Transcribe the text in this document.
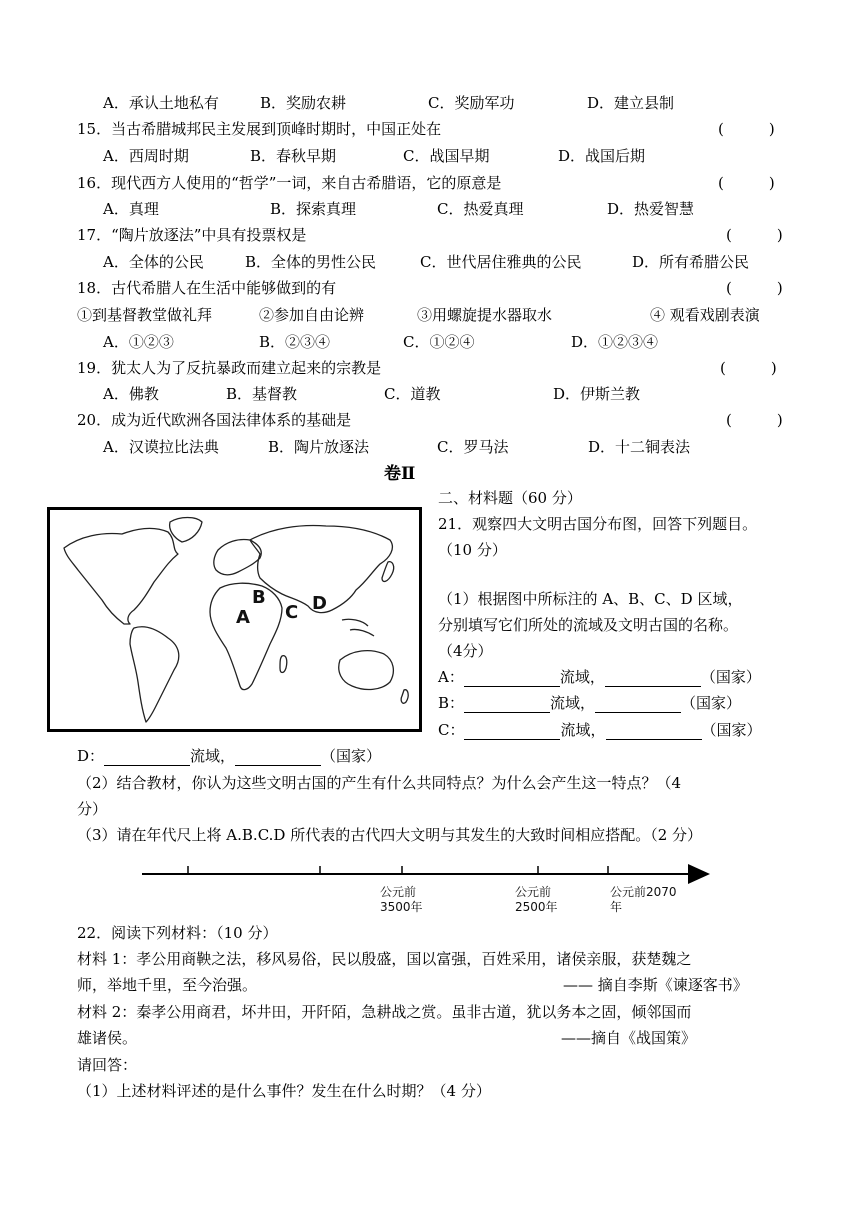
A．承认土地私有	B．奖励农耕	C．奖励军功	D．建立县制
15．当古希腊城邦民主发展到顶峰时期时，中国正处在	(　　　)
A．西周时期	B．春秋早期	C．战国早期	D．战国后期
16．现代西方人使用的“哲学”一词，来自古希腊语，它的原意是	(　　　)
A．真理	B．探索真理	C．热爱真理	D．热爱智慧
17．“陶片放逐法”中具有投票权是	(　　　)
A．全体的公民	B．全体的男性公民	C．世代居住雅典的公民	D．所有希腊公民
18．古代希腊人在生活中能够做到的有	(　　　)
①到基督教堂做礼拜	②参加自由论辨	③用螺旋提水器取水	④ 观看戏剧表演
A．①②③	B．②③④	C．①②④	D．①②③④
19．犹太人为了反抗暴政而建立起来的宗教是	(　　　)
A．佛教	B．基督教	C．道教	D．伊斯兰教
20．成为近代欧洲各国法律体系的基础是	(　　　)
A．汉谟拉比法典	B．陶片放逐法	C．罗马法	D．十二铜表法
卷Ⅱ
A
B
C D
二、材料题（60 分）
21．观察四大文明古国分布图，回答下列题目。
（10 分）
（1）根据图中所标注的 A、B、C、D 区域，
分别填写它们所处的流域及文明古国的名称。
（4分）
A：	流域，	（国家）
B：	流域，	（国家）
C：	流域，	（国家）
D：	流域，	（国家）
（2）结合教材，你认为这些文明古国的产生有什么共同特点？为什么会产生这一特点？（4
分）
（3）请在年代尺上将 A.B.C.D 所代表的古代四大文明与其发生的大致时间相应搭配。（2 分）
公元前
3500年
公元前
2500年
公元前2070
年
22．阅读下列材料：（10 分）
材料 1：孝公用商鞅之法，移风易俗，民以殷盛，国以富强，百姓采用，诸侯亲服，获楚魏之
师，举地千里，至今治强。	—— 摘自李斯《谏逐客书》
材料 2：秦孝公用商君，坏井田，开阡陌，急耕战之赏。虽非古道，犹以务本之固，倾邻国而
雄诸侯。	——摘自《战国策》
请回答：
（1）上述材料评述的是什么事件？发生在什么时期？（4 分）
